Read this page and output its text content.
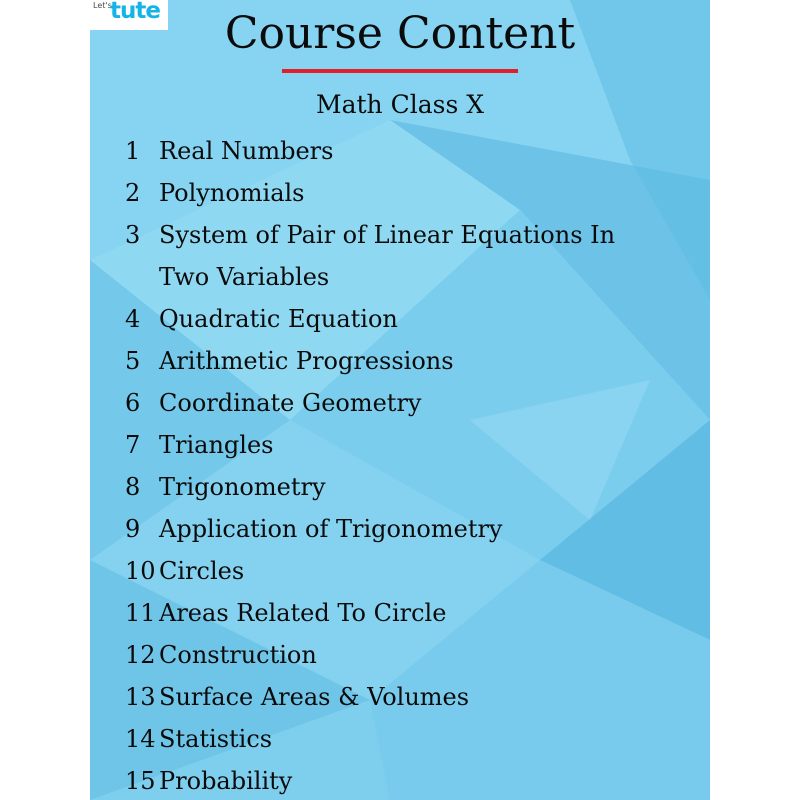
Let's
tute	Course Content
Math Class X
1 Real Numbers
2 Polynomials
3 System of Pair of Linear Equations In Two Variables
4 Quadratic Equation
5 Arithmetic Progressions
6 Coordinate Geometry
7 Triangles
8 Trigonometry
9 Application of Trigonometry
10 Circles
11 Areas Related To Circle
12 Construction
13 Surface Areas & Volumes
14 Statistics
15 Probability
